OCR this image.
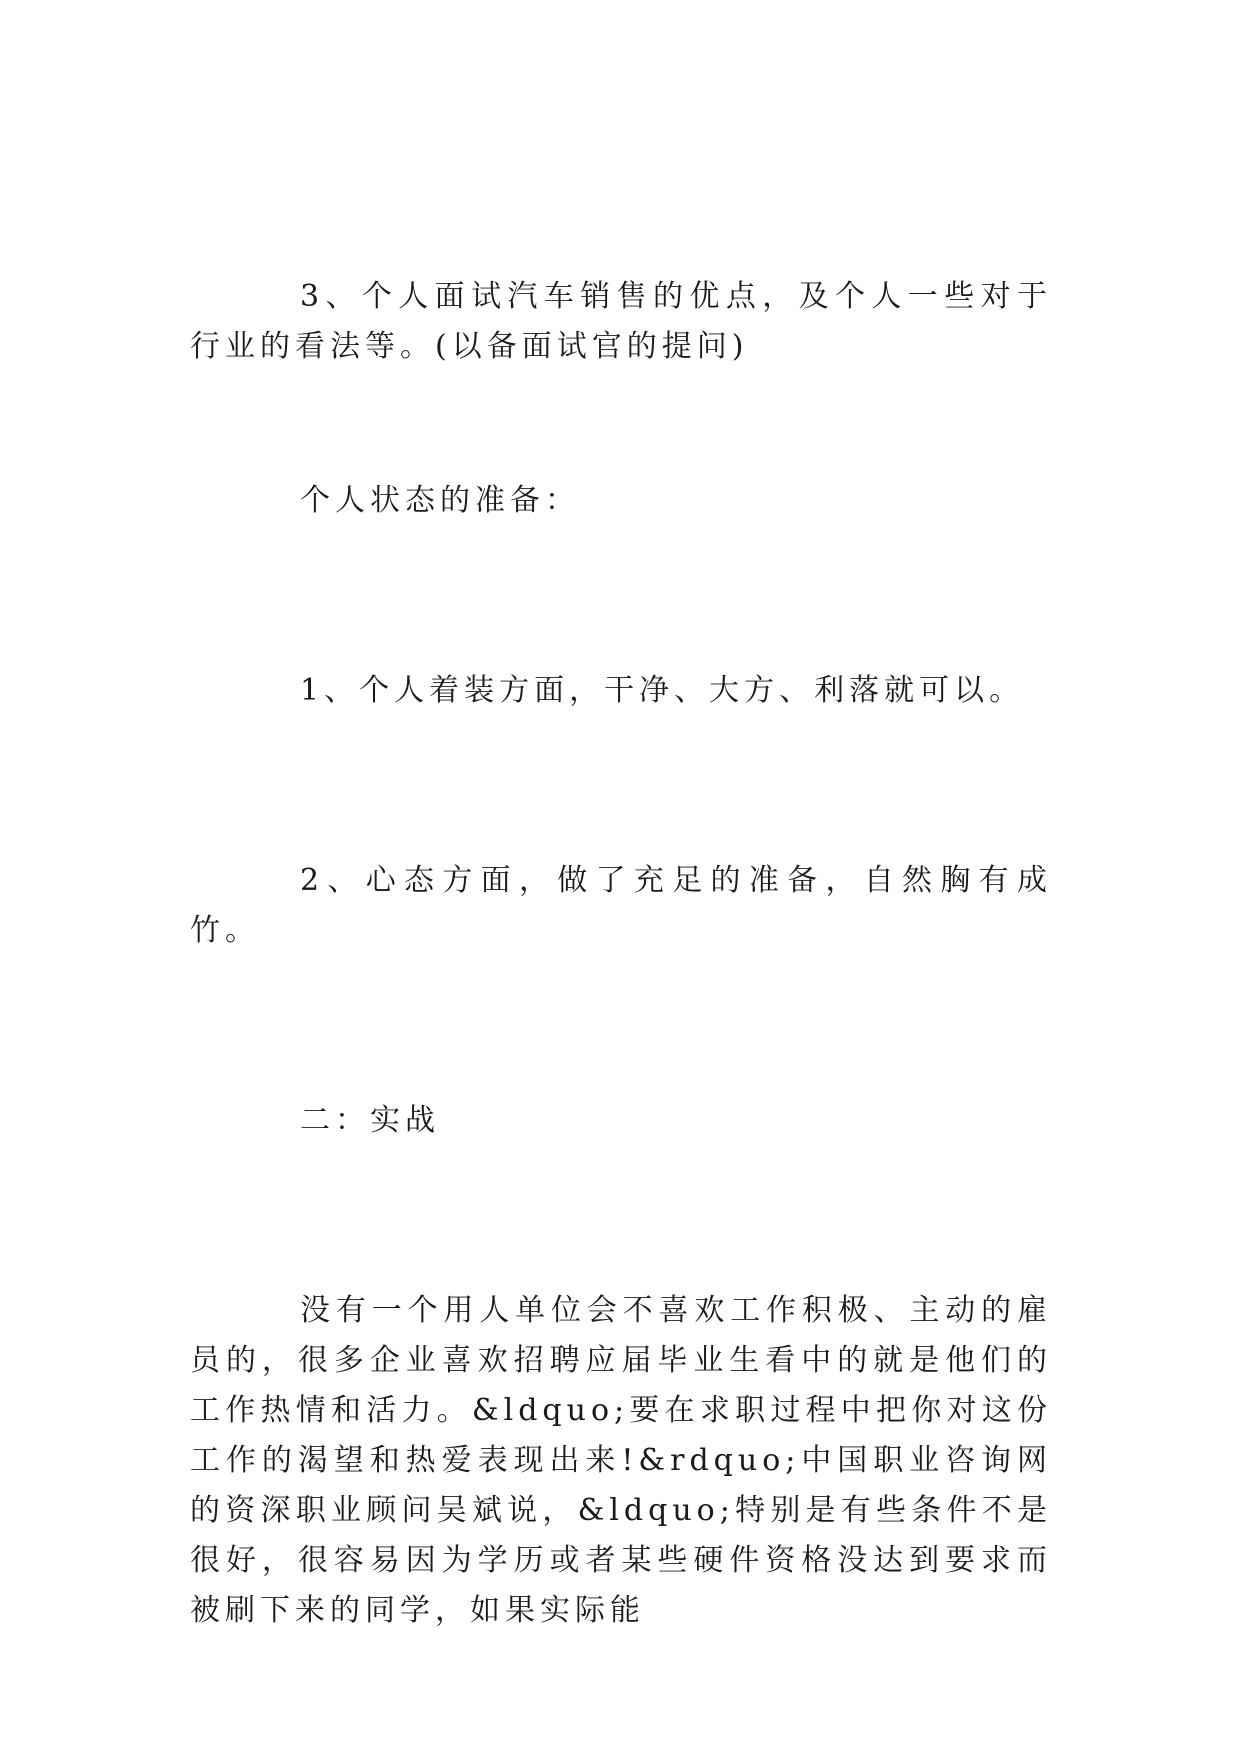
3、个人面试汽车销售的优点，及个人一些对于行业的看法等。(以备面试官的提问)

个人状态的准备：

1、个人着装方面，干净、大方、利落就可以。

2、心态方面，做了充足的准备，自然胸有成竹。

二：实战

没有一个用人单位会不喜欢工作积极、主动的雇员的，很多企业喜欢招聘应届毕业生看中的就是他们的工作热情和活力。&ldquo;要在求职过程中把你对这份工作的渴望和热爱表现出来!&rdquo;中国职业咨询网的资深职业顾问吴斌说，&ldquo;特别是有些条件不是很好，很容易因为学历或者某些硬件资格没达到要求而被刷下来的同学，如果实际能
